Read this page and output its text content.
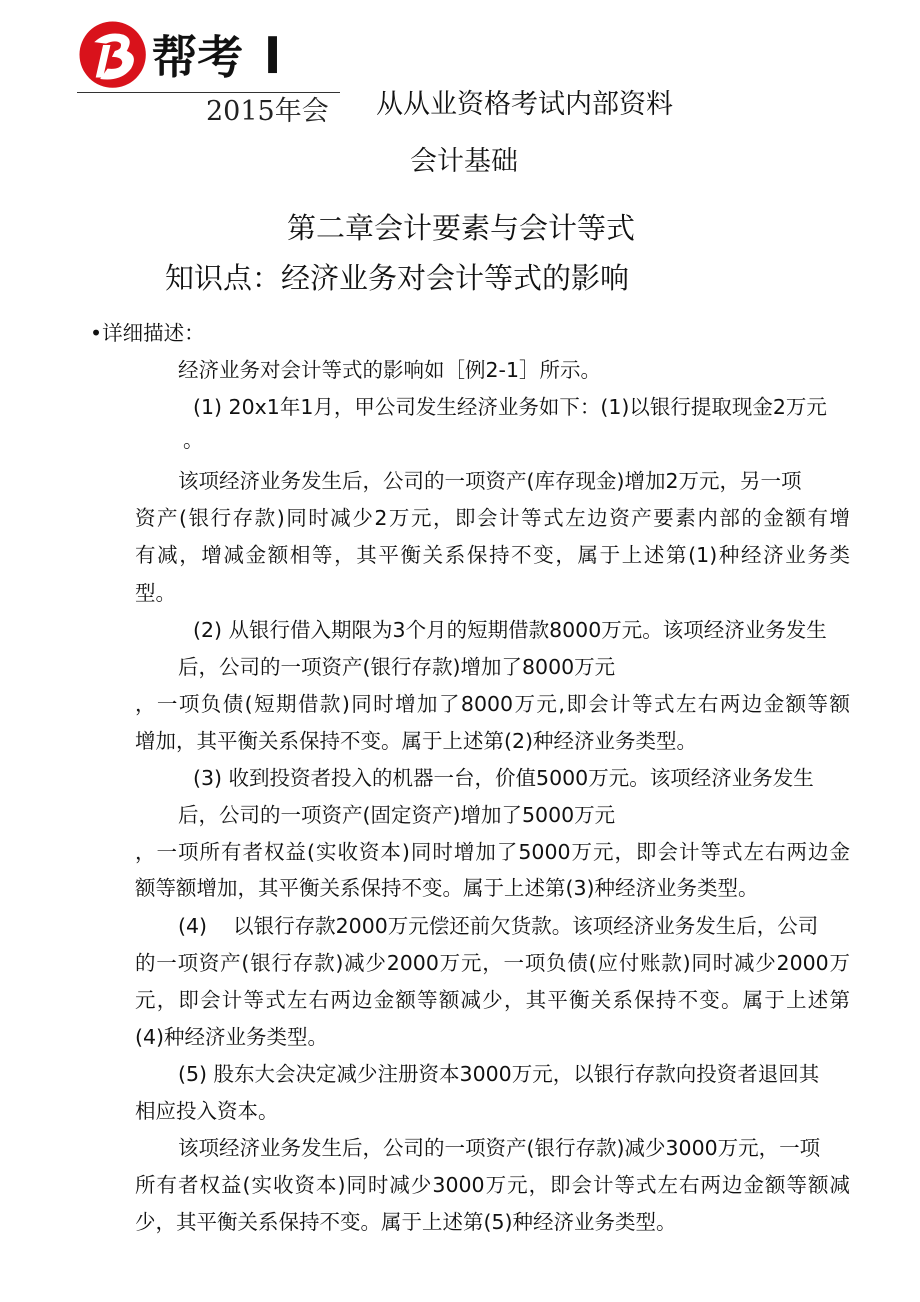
帮考
2015年会 从从业资格考试内部资料
会计基础
第二章会计要素与会计等式
知识点：经济业务对会计等式的影响
•详细描述：
经济业务对会计等式的影响如［例2-1］所示。
(1) 20x1年1月，甲公司发生经济业务如下：(1)以银行提取现金2万元
。
该项经济业务发生后，公司的一项资产(库存现金)增加2万元，另一项
资产(银行存款)同时减少2万元，即会计等式左边资产要素内部的金额有增
有减，增减金额相等，其平衡关系保持不变，属于上述第(1)种经济业务类
型。
(2) 从银行借入期限为3个月的短期借款8000万元。该项经济业务发生
后，公司的一项资产(银行存款)增加了8000万元
，一项负债(短期借款)同时增加了8000万元,即会计等式左右两边金额等额
增加，其平衡关系保持不变。属于上述第(2)种经济业务类型。
(3) 收到投资者投入的机器一台，价值5000万元。该项经济业务发生
后，公司的一项资产(固定资产)增加了5000万元
，一项所有者权益(实收资本)同时增加了5000万元，即会计等式左右两边金
额等额增加，其平衡关系保持不变。属于上述第(3)种经济业务类型。
(4)    以银行存款2000万元偿还前欠货款。该项经济业务发生后，公司
的一项资产(银行存款)减少2000万元，一项负债(应付账款)同时减少2000万
元，即会计等式左右两边金额等额减少，其平衡关系保持不变。属于上述第
(4)种经济业务类型。
(5) 股东大会决定减少注册资本3000万元，以银行存款向投资者退回其
相应投入资本。
该项经济业务发生后，公司的一项资产(银行存款)减少3000万元，一项
所有者权益(实收资本)同时减少3000万元，即会计等式左右两边金额等额减
少，其平衡关系保持不变。属于上述第(5)种经济业务类型。
